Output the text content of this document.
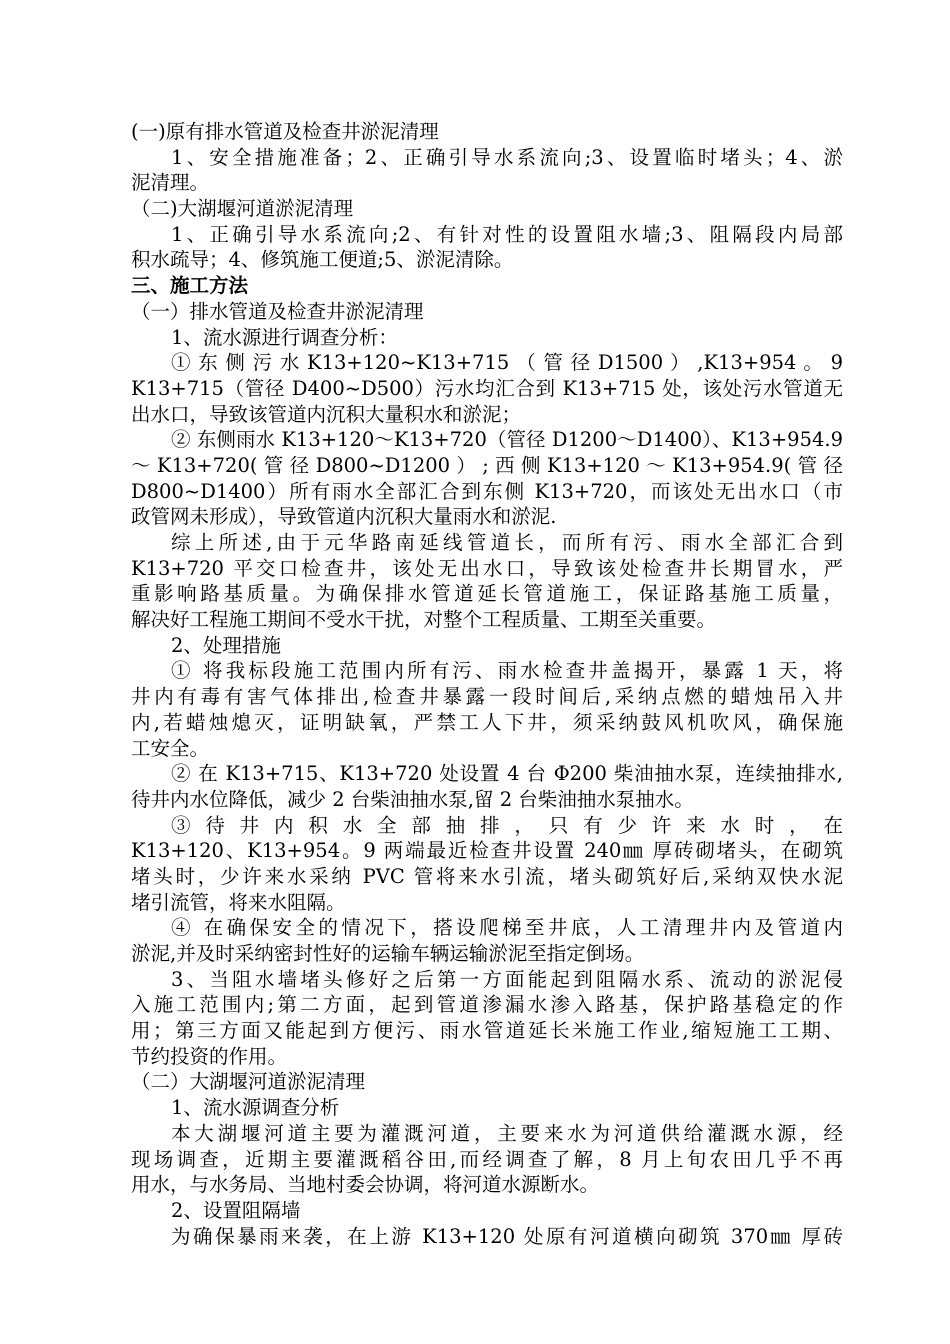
(一)原有排水管道及检查井淤泥清理
1、安全措施准备；2、正确引导水系流向;3、设置临时堵头；4、淤
泥清理。
（二)大湖堰河道淤泥清理
1、正确引导水系流向;2、有针对性的设置阻水墙;3、阻隔段内局部
积水疏导；4、修筑施工便道;5、淤泥清除。
三、施工方法
（一）排水管道及检查井淤泥清理
1、流水源进行调查分析：
① 东 侧 污 水 K13+120~K13+715 （ 管 径 D1500 ） ,K13+954 。 9
K13+715（管径 D400~D500）污水均汇合到 K13+715 处，该处污水管道无
出水口，导致该管道内沉积大量积水和淤泥；
② 东侧雨水 K13+120～K13+720（管径 D1200～D1400）、K13+954.9
～ K13+720( 管 径 D800~D1200 ） ; 西 侧 K13+120 ～ K13+954.9( 管 径
D800~D1400）所有雨水全部汇合到东侧 K13+720，而该处无出水口（市
政管网未形成），导致管道内沉积大量雨水和淤泥.
综上所述,由于元华路南延线管道长，而所有污、雨水全部汇合到
K13+720 平交口检查井，该处无出水口，导致该处检查井长期冒水，严
重影响路基质量。为确保排水管道延长管道施工，保证路基施工质量，
解决好工程施工期间不受水干扰，对整个工程质量、工期至关重要。
2、处理措施
① 将我标段施工范围内所有污、雨水检查井盖揭开，暴露 1 天，将
井内有毒有害气体排出,检查井暴露一段时间后,采纳点燃的蜡烛吊入井
内,若蜡烛熄灭，证明缺氧，严禁工人下井，须采纳鼓风机吹风，确保施
工安全。
② 在 K13+715、K13+720 处设置 4 台 Φ200 柴油抽水泵，连续抽排水,
待井内水位降低，减少 2 台柴油抽水泵,留 2 台柴油抽水泵抽水。
③ 待 井 内 积 水 全 部 抽 排 ， 只 有 少 许 来 水 时 ， 在
K13+120、K13+954。9 两端最近检查井设置 240㎜ 厚砖砌堵头，在砌筑
堵头时，少许来水采纳 PVC 管将来水引流，堵头砌筑好后,采纳双快水泥
堵引流管，将来水阻隔。
④ 在确保安全的情况下，搭设爬梯至井底，人工清理井内及管道内
淤泥,并及时采纳密封性好的运输车辆运输淤泥至指定倒场。
3、当阻水墙堵头修好之后第一方面能起到阻隔水系、流动的淤泥侵
入施工范围内;第二方面，起到管道渗漏水渗入路基，保护路基稳定的作
用；第三方面又能起到方便污、雨水管道延长米施工作业,缩短施工工期、
节约投资的作用。
（二）大湖堰河道淤泥清理
1、流水源调查分析
本大湖堰河道主要为灌溉河道，主要来水为河道供给灌溉水源，经
现场调查，近期主要灌溉稻谷田,而经调查了解，8 月上旬农田几乎不再
用水，与水务局、当地村委会协调，将河道水源断水。
2、设置阻隔墙
为确保暴雨来袭，在上游 K13+120 处原有河道横向砌筑 370㎜ 厚砖
